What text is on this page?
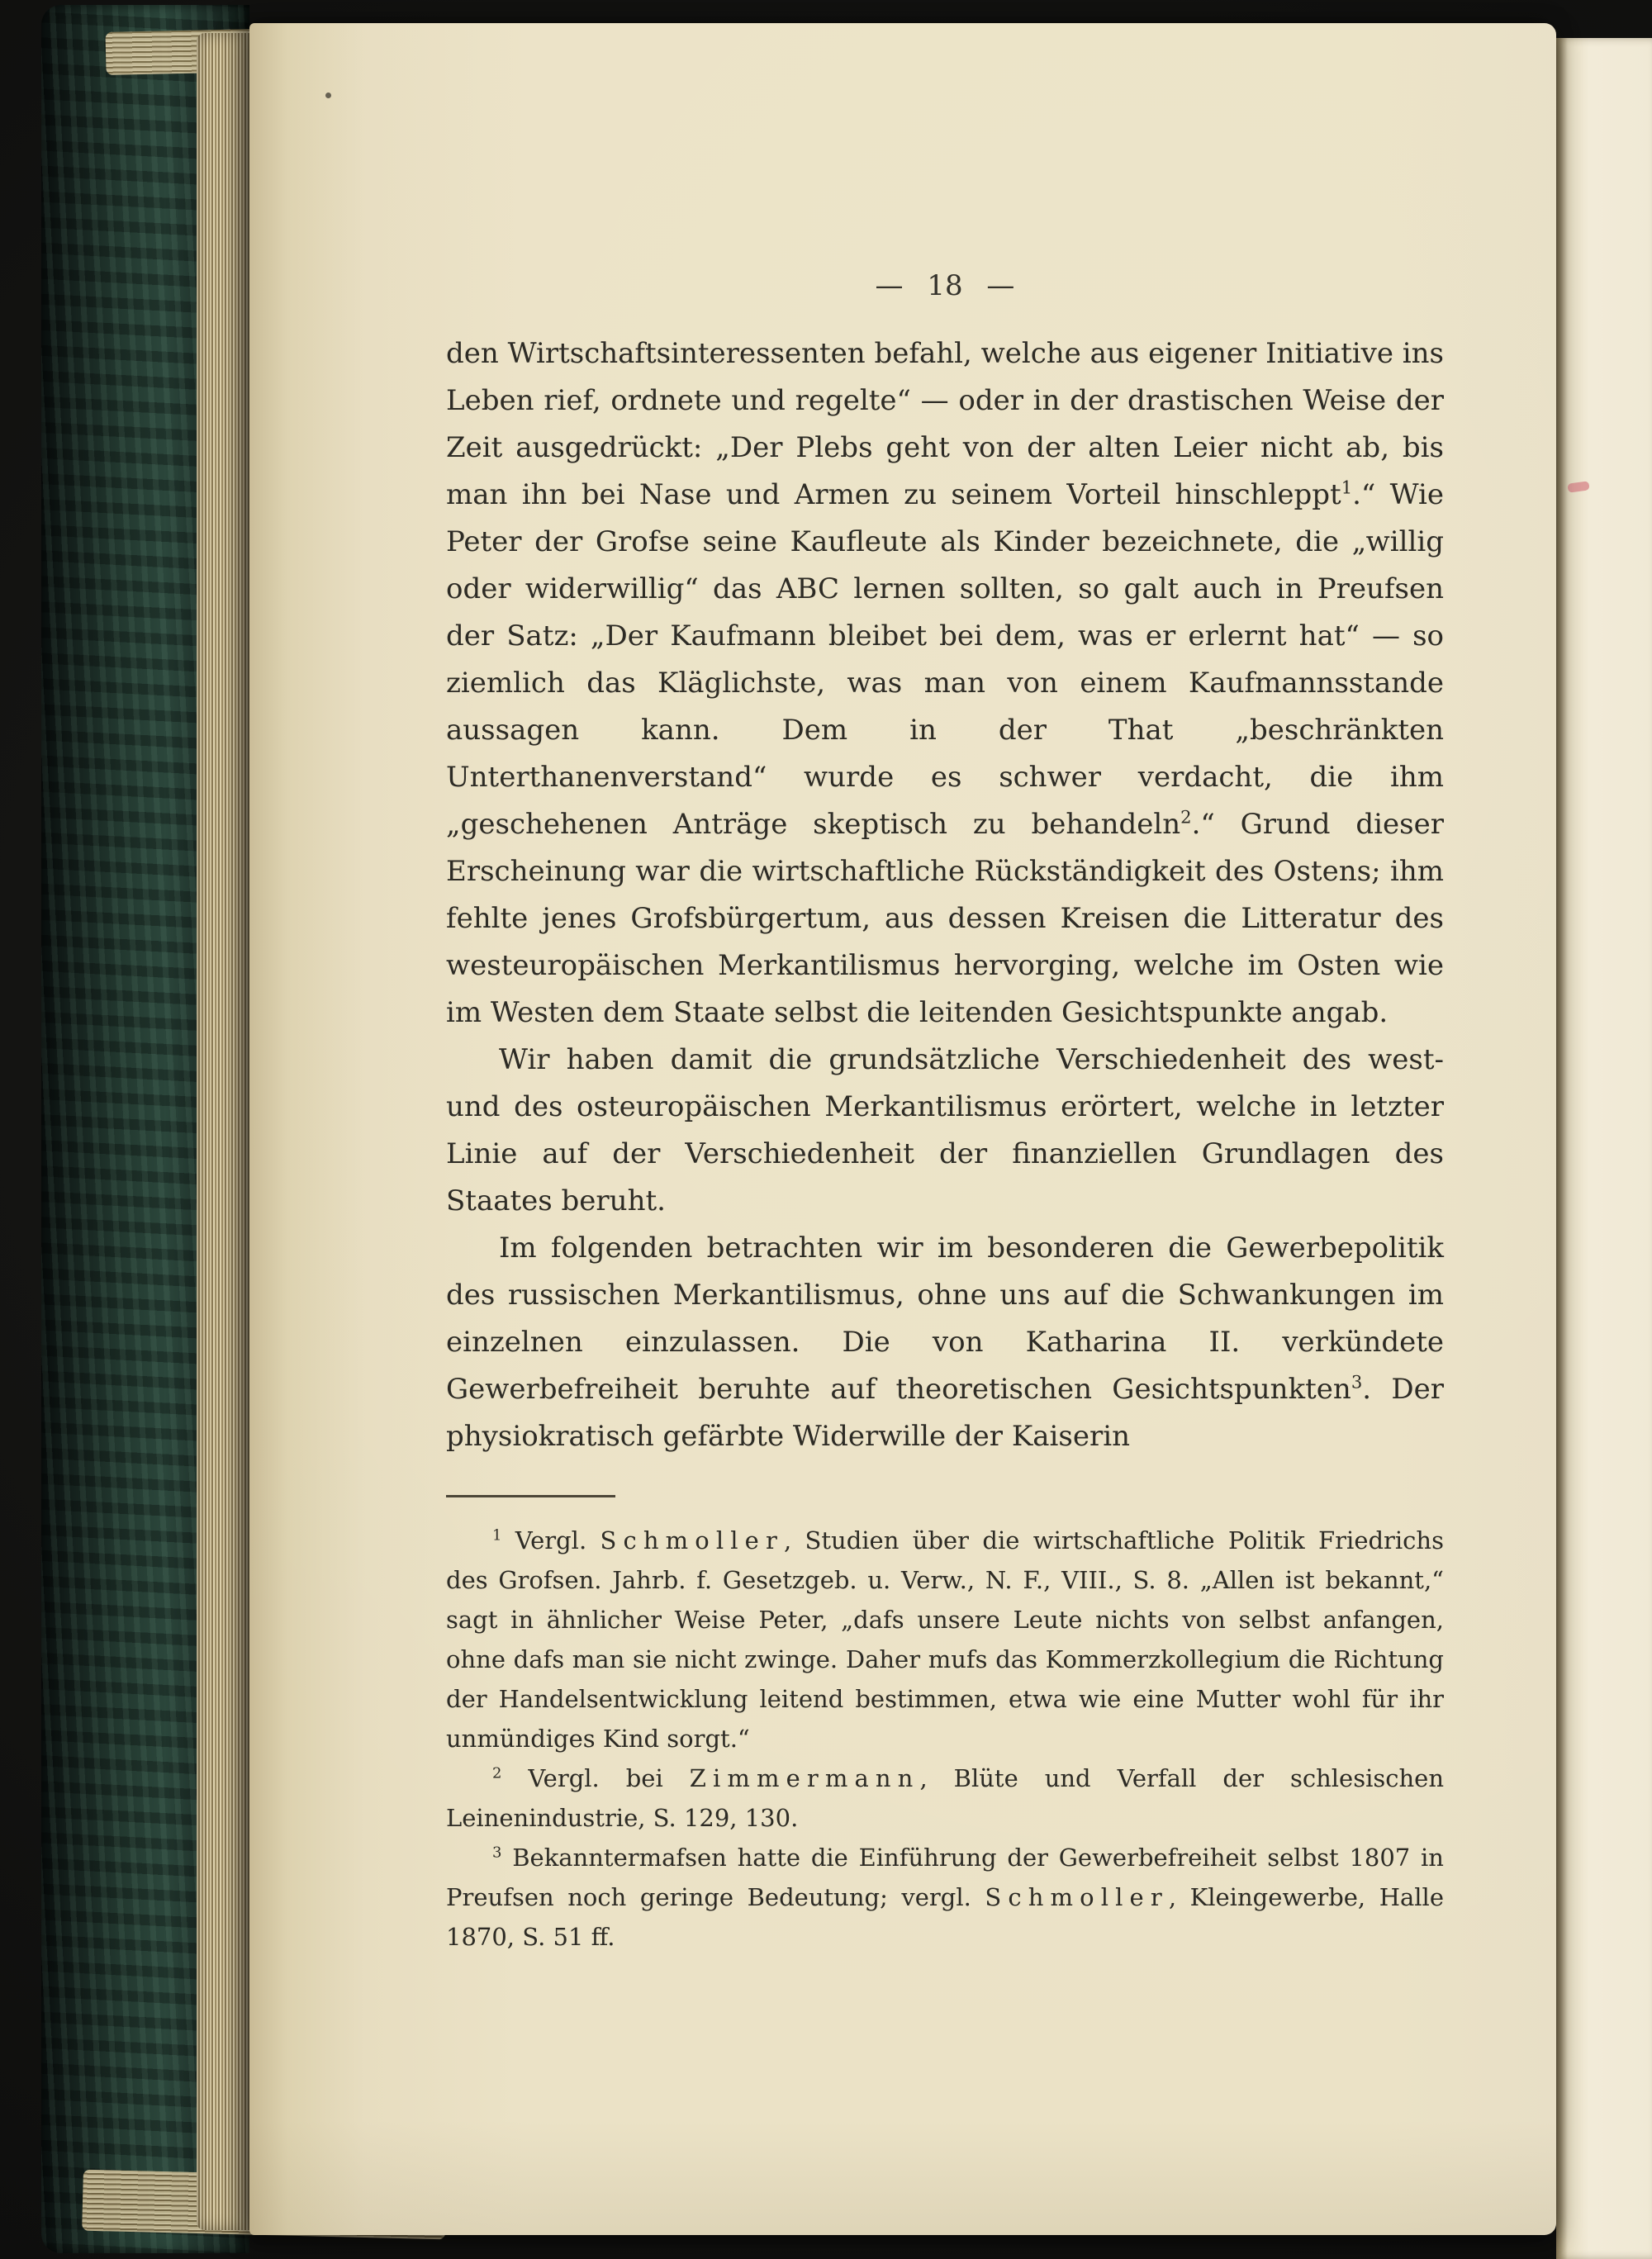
— 18 —

den Wirtschaftsinteressenten befahl, welche aus eigener Initiative ins Leben rief, ordnete und regelte“ — oder in der drastischen Weise der Zeit ausgedrückt: „Der Plebs geht von der alten Leier nicht ab, bis man ihn bei Nase und Armen zu seinem Vorteil hinschleppt$^1$.“ Wie Peter der Grofse seine Kaufleute als Kinder bezeichnete, die „willig oder widerwillig“ das ABC lernen sollten, so galt auch in Preufsen der Satz: „Der Kaufmann bleibet bei dem, was er erlernt hat“ — so ziemlich das Kläglichste, was man von einem Kaufmannsstande aussagen kann. Dem in der That „beschränkten Unterthanenverstand“ wurde es schwer verdacht, die ihm „geschehenen Anträge skeptisch zu behandeln$^2$.“ Grund dieser Erscheinung war die wirtschaftliche Rückständigkeit des Ostens; ihm fehlte jenes Grofsbürgertum, aus dessen Kreisen die Litteratur des westeuropäischen Merkantilismus hervorging, welche im Osten wie im Westen dem Staate selbst die leitenden Gesichtspunkte angab.

Wir haben damit die grundsätzliche Verschiedenheit des west- und des osteuropäischen Merkantilismus erörtert, welche in letzter Linie auf der Verschiedenheit der finanziellen Grundlagen des Staates beruht.

Im folgenden betrachten wir im besonderen die Gewerbepolitik des russischen Merkantilismus, ohne uns auf die Schwankungen im einzelnen einzulassen. Die von Katharina II. verkündete Gewerbefreiheit beruhte auf theoretischen Gesichtspunkten$^3$. Der physiokratisch gefärbte Widerwille der Kaiserin

$^1$ Vergl. Schmoller, Studien über die wirtschaftliche Politik Friedrichs des Grofsen. Jahrb. f. Gesetzgeb. u. Verw., N. F., VIII., S. 8. „Allen ist bekannt,“ sagt in ähnlicher Weise Peter, „dafs unsere Leute nichts von selbst anfangen, ohne dafs man sie nicht zwinge. Daher mufs das Kommerzkollegium die Richtung der Handelsentwicklung leitend bestimmen, etwa wie eine Mutter wohl für ihr unmündiges Kind sorgt.“

$^2$ Vergl. bei Zimmermann, Blüte und Verfall der schlesischen Leinenindustrie, S. 129, 130.

$^3$ Bekanntermafsen hatte die Einführung der Gewerbefreiheit selbst 1807 in Preufsen noch geringe Bedeutung; vergl. Schmoller, Kleingewerbe, Halle 1870, S. 51 ff.
